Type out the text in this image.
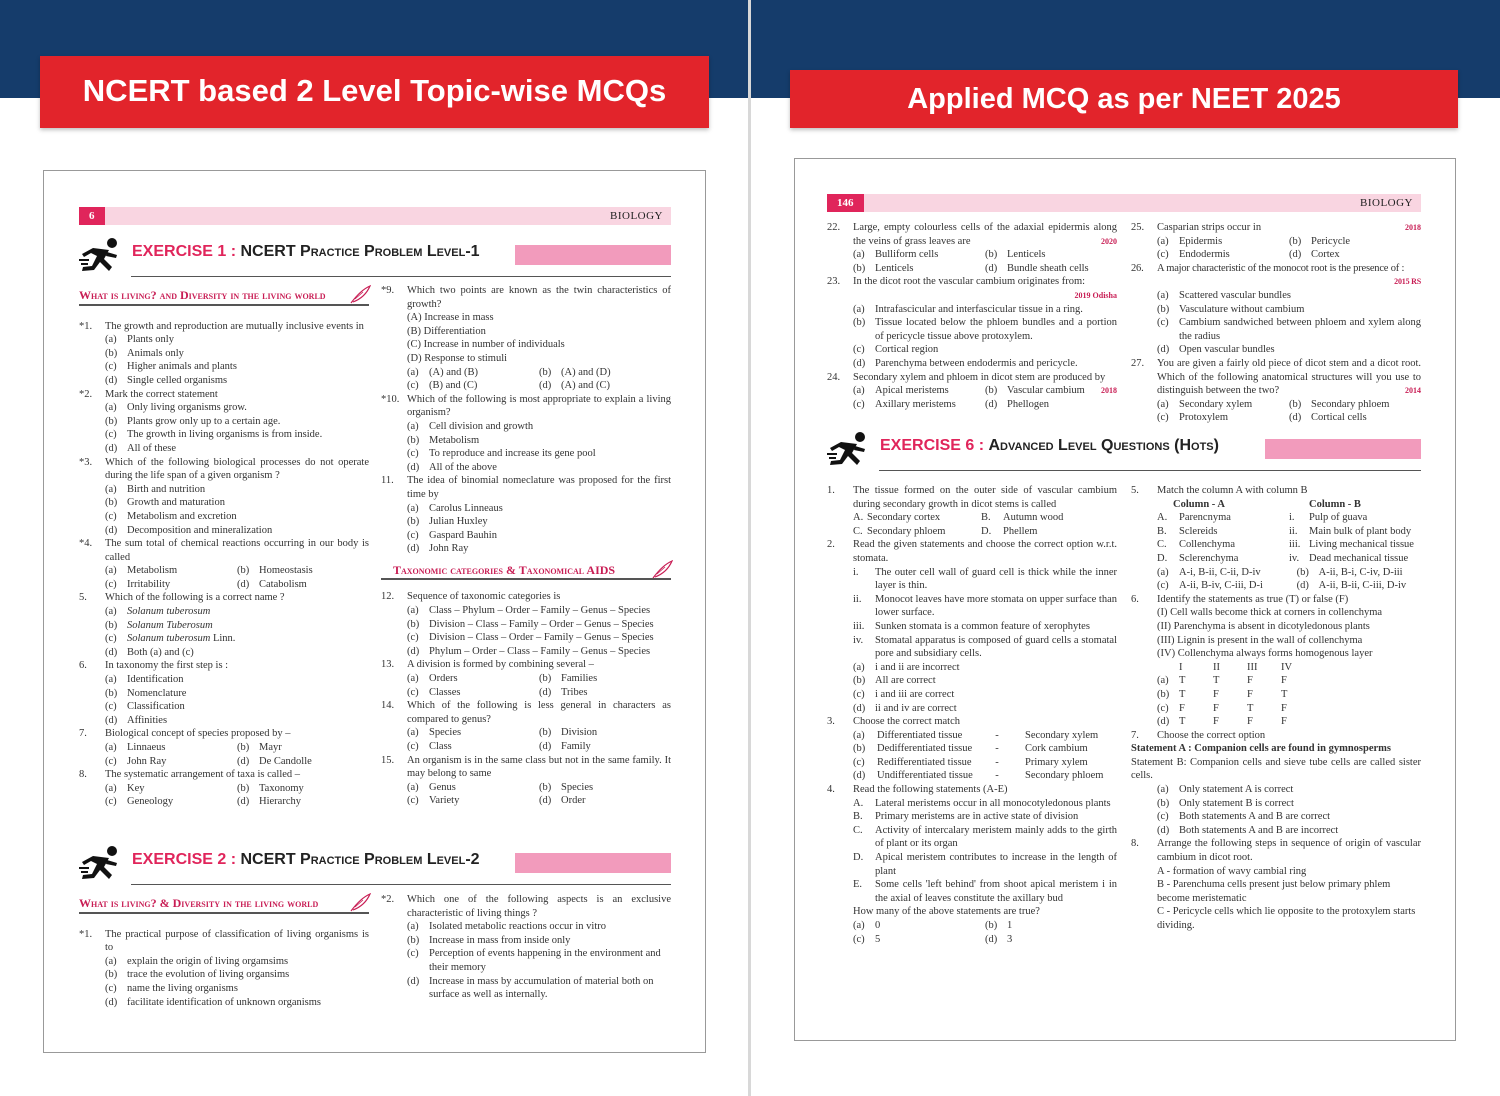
NCERT based 2 Level Topic-wise MCQs	Applied MCQ as per NEET 2025
6	BIOLOGY
EXERCISE 1 : NCERT Practice Problem Level-1
What is living? and Diversity in the living world
*1. The growth and reproduction are mutually inclusive events in
(a) Plants only
(b) Animals only
(c) Higher animals and plants
(d) Single celled organisms
*2. Mark the correct statement
(a) Only living organisms grow.
(b) Plants grow only up to a certain age.
(c) The growth in living organisms is from inside.
(d) All of these
*3. Which of the following biological processes do not operate during the life span of a given organism ?
(a) Birth and nutrition
(b) Growth and maturation
(c) Metabolism and excretion
(d) Decomposition and mineralization
*4. The sum total of chemical reactions occurring in our body is called
(a) Metabolism	(b) Homeostasis
(c) Irritability	(d) Catabolism
5. Which of the following is a correct name ?
(a) Solanum tuberosum
(b) Solanum Tuberosum
(c) Solanum tuberosum Linn.
(d) Both (a) and (c)
6. In taxonomy the first step is :
(a) Identification
(b) Nomenclature
(c) Classification
(d) Affinities
7. Biological concept of species proposed by –
(a) Linnaeus	(b) Mayr
(c) John Ray	(d) De Candolle
8. The systematic arrangement of taxa is called –
(a) Key	(b) Taxonomy
(c) Geneology	(d) Hierarchy
*9. Which two points are known as the twin characteristics of growth?
(A) Increase in mass
(B) Differentiation
(C) Increase in number of individuals
(D) Response to stimuli
(a) (A) and (B)	(b) (A) and (D)
(c) (B) and (C)	(d) (A) and (C)
*10. Which of the following is most appropriate to explain a living organism?
(a) Cell division and growth
(b) Metabolism
(c) To reproduce and increase its gene pool
(d) All of the above
11. The idea of binomial nomeclature was proposed for the first time by
(a) Carolus Linneaus
(b) Julian Huxley
(c) Gaspard Bauhin
(d) John Ray
Taxonomic categories & Taxonomical AIDS
12. Sequence of taxonomic categories is
(a) Class – Phylum – Order – Family – Genus – Species
(b) Division – Class – Family – Order – Genus – Species
(c) Division – Class – Order – Family – Genus – Species
(d) Phylum – Order – Class – Family – Genus – Species
13. A division is formed by combining several –
(a) Orders	(b) Families
(c) Classes	(d) Tribes
14. Which of the following is less general in characters as compared to genus?
(a) Species	(b) Division
(c) Class	(d) Family
15. An organism is in the same class but not in the same family. It may belong to same
(a) Genus	(b) Species
(c) Variety	(d) Order
EXERCISE 2 : NCERT Practice Problem Level-2
What is living? & Diversity in the living world
*1. The practical purpose of classification of living organisms is to
(a) explain the origin of living orgamsims
(b) trace the evolution of living organsims
(c) name the living organisms
(d) facilitate identification of unknown organisms
*2. Which one of the following aspects is an exclusive characteristic of living things ?
(a) Isolated metabolic reactions occur in vitro
(b) Increase in mass from inside only
(c) Perception of events happening in the environment and their memory
(d) Increase in mass by accumulation of material both on surface as well as internally.
146	BIOLOGY
22. Large, empty colourless cells of the adaxial epidermis along the veins of grass leaves are	2020
(a) Bulliform cells	(b) Lenticels
(b) Lenticels	(d) Bundle sheath cells
23. In the dicot root the vascular cambium originates from:

2019 Odisha

(a) Intrafascicular and interfascicular tissue in a ring.
(b) Tissue located below the phloem bundles and a portion of pericycle tissue above protoxylem.
(c) Cortical region
(d) Parenchyma between endodermis and pericycle.
24. Secondary xylem and phloem in dicot stem are produced by
(a) Apical meristems	(b) Vascular cambium 2018
(c) Axillary meristems	(d) Phellogen
25. Casparian strips occur in	2018
(a) Epidermis	(b) Pericycle
(c) Endodermis	(d) Cortex
26. A major characteristic of the monocot root is the presence of :

2015 RS

(a) Scattered vascular bundles
(b) Vasculature without cambium
(c) Cambium sandwiched between phloem and xylem along the radius
(d) Open vascular bundles
27. You are given a fairly old piece of dicot stem and a dicot root. Which of the following anatomical structures will you use to distinguish between the two?	2014
(a) Secondary xylem	(b) Secondary phloem
(c) Protoxylem	(d) Cortical cells
EXERCISE 6 : Advanced Level Questions (Hots)
1. The tissue formed on the outer side of vascular cambium during secondary growth in dicot stems is called
A. Secondary cortex	B. Autumn wood
C. Secondary phloem	D. Phellem
2. Read the given statements and choose the correct option w.r.t. stomata.
i. The outer cell wall of guard cell is thick while the inner layer is thin.
ii. Monocot leaves have more stomata on upper surface than lower surface.
iii. Sunken stomata is a common feature of xerophytes
iv. Stomatal apparatus is composed of guard cells a stomatal pore and subsidiary cells.
(a) i and ii are incorrect
(b) All are correct
(c) i and iii are correct
(d) ii and iv are correct
3. Choose the correct match
(a)	Differentiated tissue	-	Secondary xylem
(b)	Dedifferentiated tissue	-	Cork cambium
(c)	Redifferentiated tissue	-	Primary xylem
(d)	Undifferentiated tissue	-	Secondary phloem
4. Read the following statements (A-E)
A. Lateral meristems occur in all monocotyledonous plants
B. Primary meristems are in active state of division
C. Activity of intercalary meristem mainly adds to the girth of plant or its organ
D. Apical meristem contributes to increase in the length of plant
E. Some cells 'left behind' from shoot apical meristem i in the axial of leaves constitute the axillary bud
How many of the above statements are true?
(a) 0	(b) 1
(c) 5	(d) 3
5. Match the column A with column B
Column - A	Column - B
A.	Parencnyma	i.	Pulp of guava
B.	Sclereids	ii.	Main bulk of plant body
C.	Collenchyma	iii. Living mechanical tissue
D.	Sclerenchyma	iv. Dead mechanical tissue
(a) A-i, B-ii, C-ii, D-iv	(b) A-ii, B-i, C-iv, D-iii
(c) A-ii, B-iv, C-iii, D-i	(d) A-ii, B-ii, C-iii, D-iv
6. Identify the statements as true (T) or false (F)
(I) Cell walls become thick at corners in collenchyma
(II) Parenchyma is absent in dicotyledonous plants
(III) Lignin is present in the wall of collenchyma
(IV) Collenchyma always forms homogenous layer
I	II	III	IV
(a) T	T	F	F
(b) T	F	F	T
(c) F	F	T	F
(d) T	F	F	F
7. Choose the correct option
Statement A : Companion cells are found in gymnosperms
Statement B: Companion cells and sieve tube cells are called sister cells.
(a) Only statement A is correct
(b) Only statement B is correct
(c) Both statements A and B are correct
(d) Both statements A and B are incorrect
8. Arrange the following steps in sequence of origin of vascular cambium in dicot root.
A - formation of wavy cambial ring
B - Parenchuma cells present just below primary phlem become meristematic
C - Pericycle cells which lie opposite to the protoxylem starts dividing.
